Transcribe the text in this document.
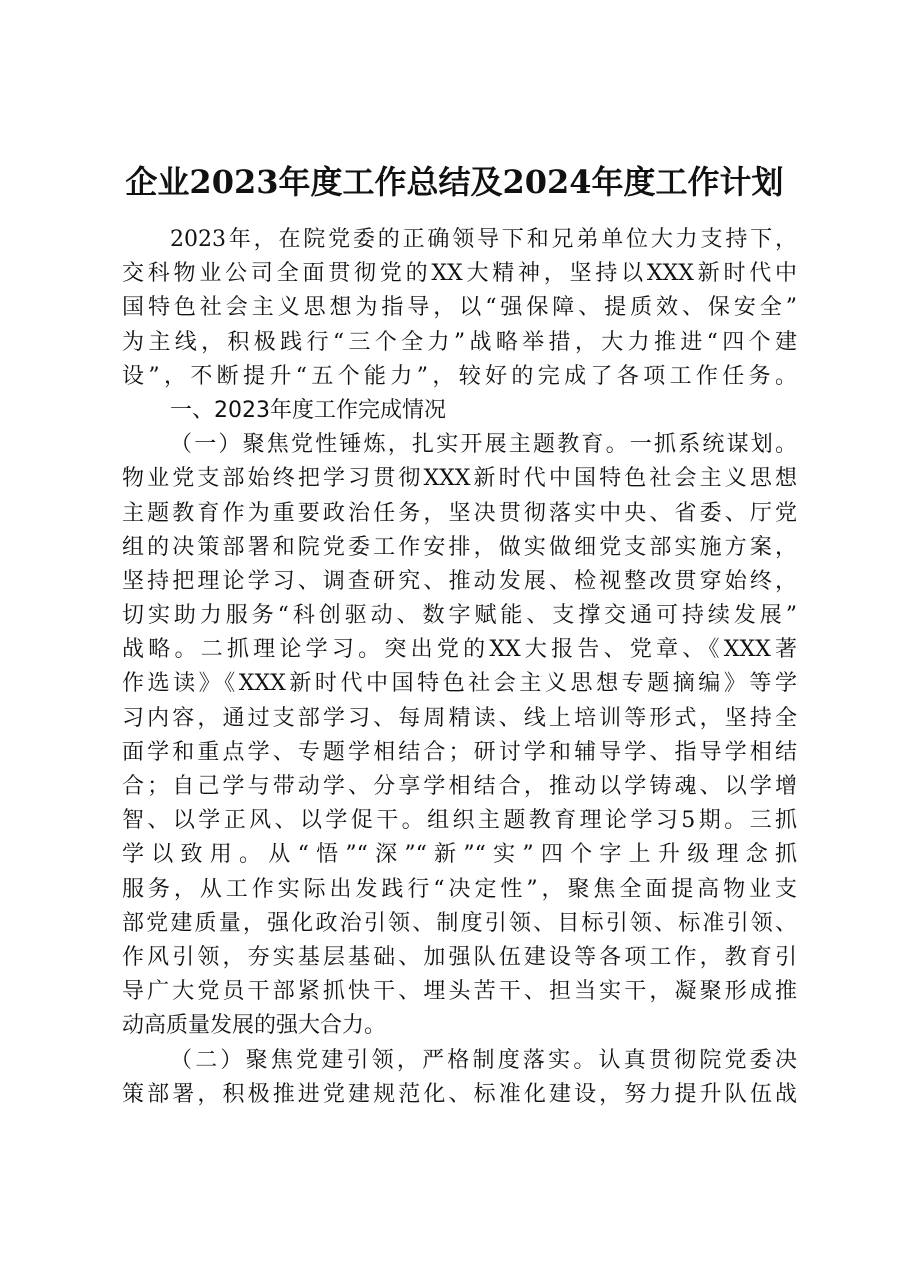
企业2023年度工作总结及2024年度工作计划
2023年，在院党委的正确领导下和兄弟单位大力支持下，
交科物业公司全面贯彻党的XX大精神，坚持以XXX新时代中
国特色社会主义思想为指导，以“强保障、提质效、保安全”
为主线，积极践行“三个全力”战略举措，大力推进“四个建
设”，不断提升“五个能力”，较好的完成了各项工作任务。
一、2023年度工作完成情况
（一）聚焦党性锤炼，扎实开展主题教育。一抓系统谋划。
物业党支部始终把学习贯彻XXX新时代中国特色社会主义思想
主题教育作为重要政治任务，坚决贯彻落实中央、省委、厅党
组的决策部署和院党委工作安排，做实做细党支部实施方案，
坚持把理论学习、调查研究、推动发展、检视整改贯穿始终，
切实助力服务“科创驱动、数字赋能、支撑交通可持续发展”
战略。二抓理论学习。突出党的XX大报告、党章、《XXX著
作选读》《XXX新时代中国特色社会主义思想专题摘编》等学
习内容，通过支部学习、每周精读、线上培训等形式，坚持全
面学和重点学、专题学相结合；研讨学和辅导学、指导学相结
合；自己学与带动学、分享学相结合，推动以学铸魂、以学增
智、以学正风、以学促干。组织主题教育理论学习5期。三抓
学以致用。从“悟”“深”“新”“实”四个字上升级理念抓
服务，从工作实际出发践行“决定性”，聚焦全面提高物业支
部党建质量，强化政治引领、制度引领、目标引领、标准引领、
作风引领，夯实基层基础、加强队伍建设等各项工作，教育引
导广大党员干部紧抓快干、埋头苦干、担当实干，凝聚形成推
动高质量发展的强大合力。
（二）聚焦党建引领，严格制度落实。认真贯彻院党委决
策部署，积极推进党建规范化、标准化建设，努力提升队伍战
